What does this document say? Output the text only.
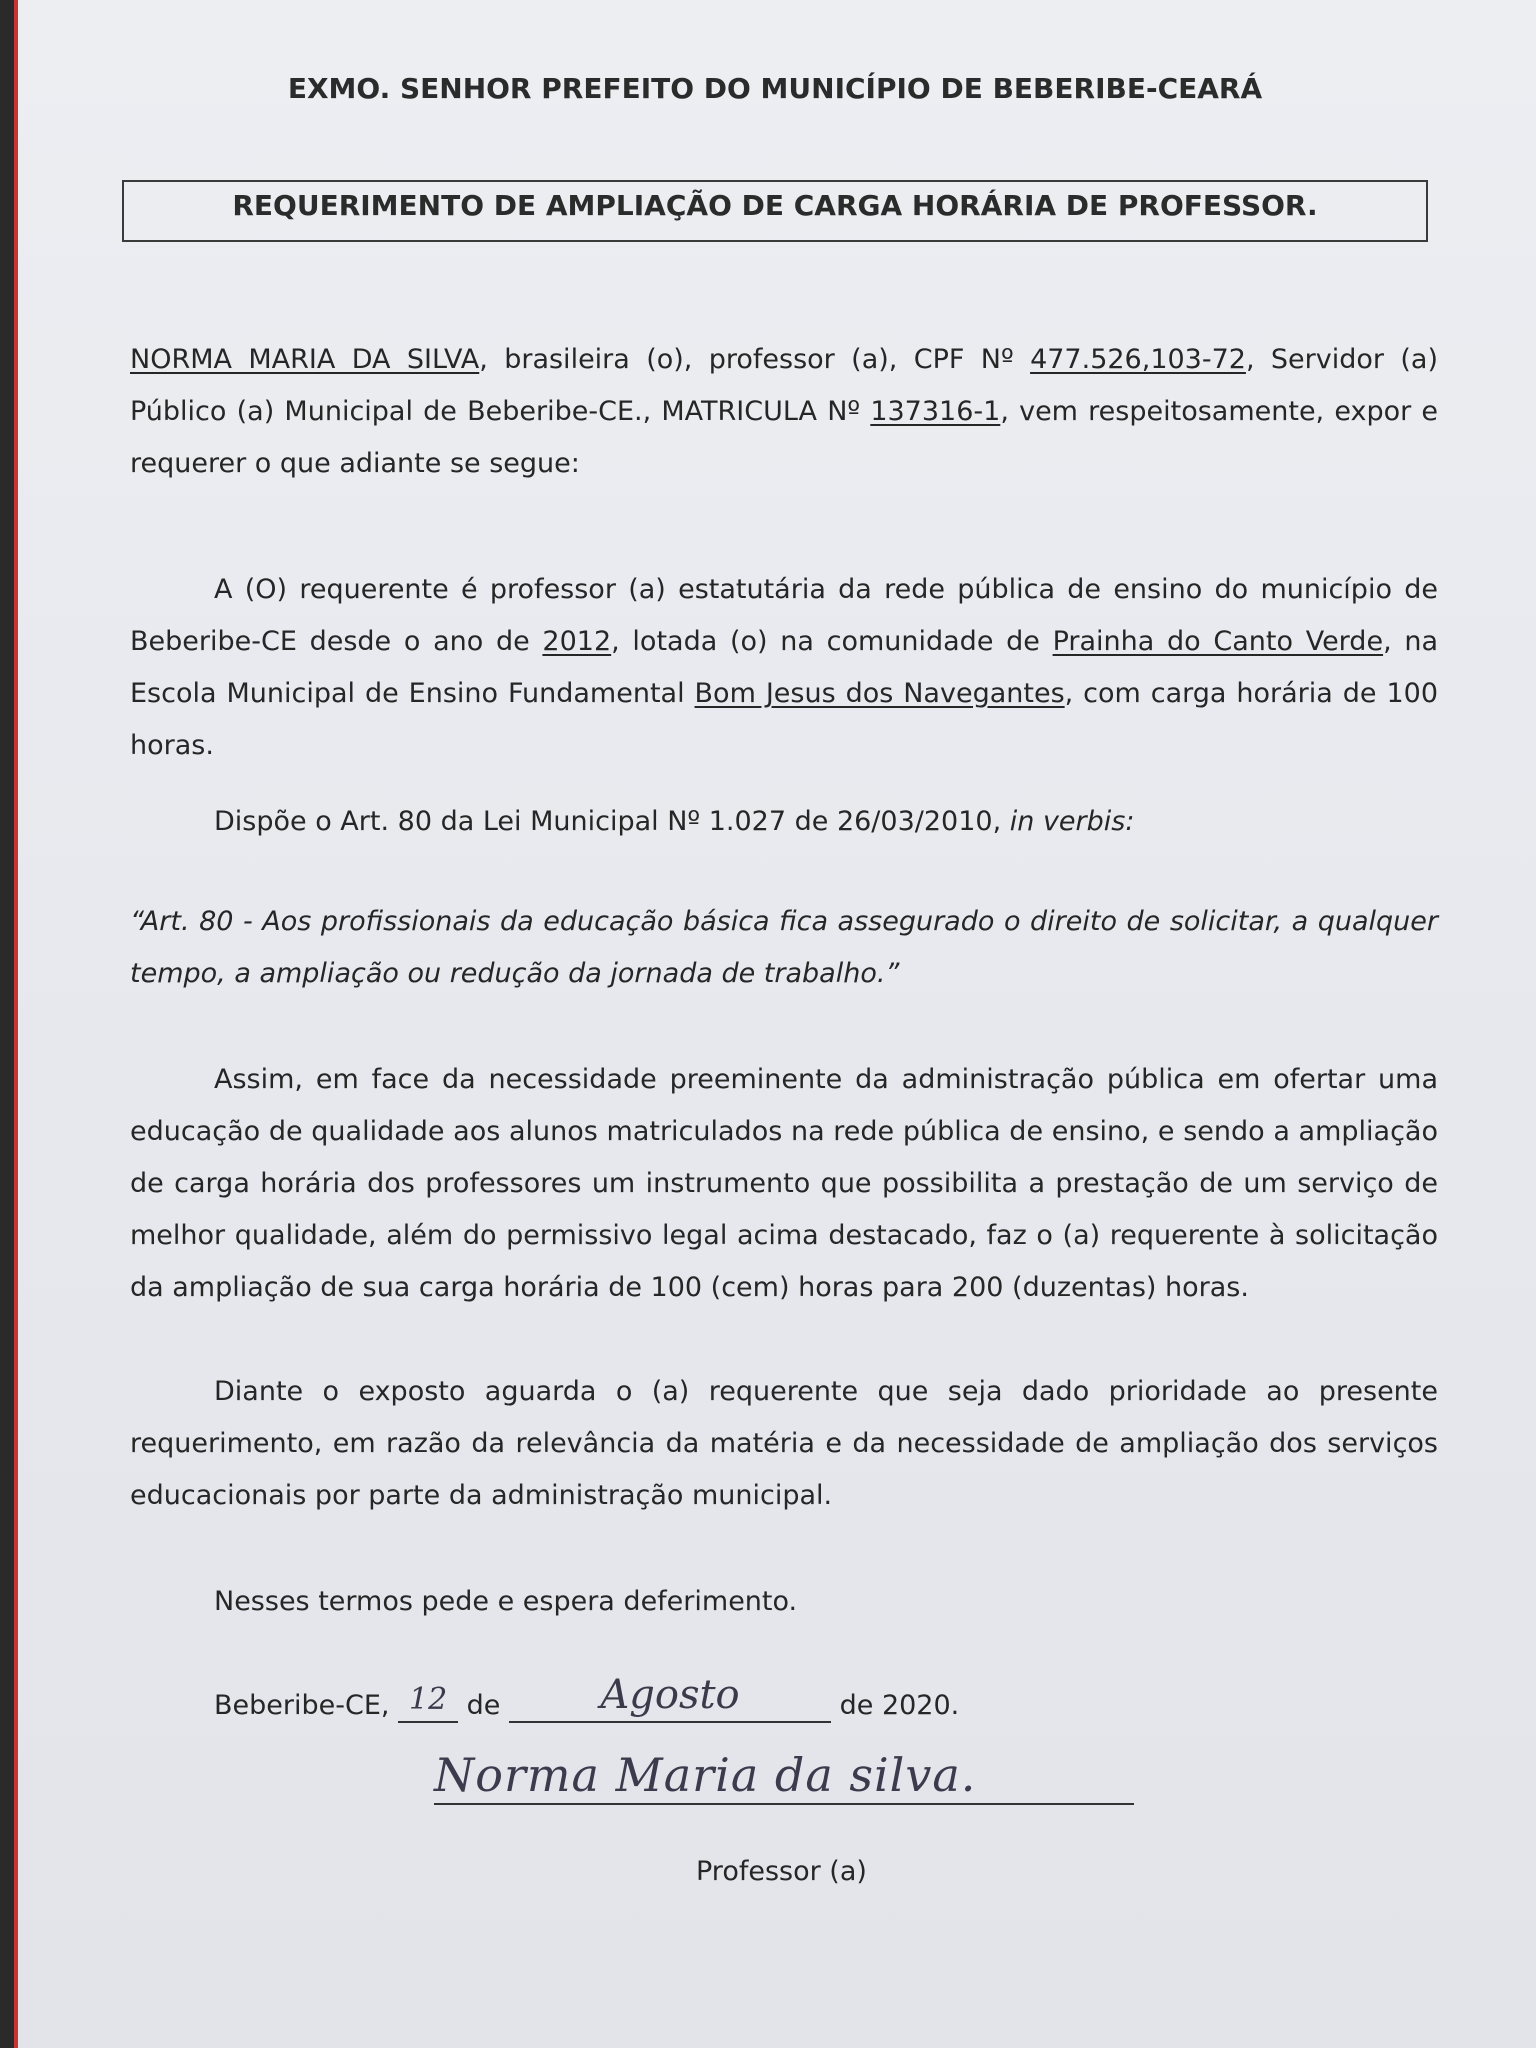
EXMO. SENHOR PREFEITO DO MUNICÍPIO DE BEBERIBE-CEARÁ
REQUERIMENTO DE AMPLIAÇÃO DE CARGA HORÁRIA DE PROFESSOR.
NORMA MARIA DA SILVA, brasileira (o), professor (a), CPF Nº 477.526,103-72, Servidor (a) Público (a) Municipal de Beberibe-CE., MATRICULA Nº 137316-1, vem respeitosamente, expor e requerer o que adiante se segue:
A (O) requerente é professor (a) estatutária da rede pública de ensino do município de Beberibe-CE desde o ano de 2012, lotada (o) na comunidade de Prainha do Canto Verde, na Escola Municipal de Ensino Fundamental Bom Jesus dos Navegantes, com carga horária de 100 horas.
Dispõe o Art. 80 da Lei Municipal Nº 1.027 de 26/03/2010, in verbis:
“Art. 80 - Aos profissionais da educação básica fica assegurado o direito de solicitar, a qualquer tempo, a ampliação ou redução da jornada de trabalho.”
Assim, em face da necessidade preeminente da administração pública em ofertar uma educação de qualidade aos alunos matriculados na rede pública de ensino, e sendo a ampliação de carga horária dos professores um instrumento que possibilita a prestação de um serviço de melhor qualidade, além do permissivo legal acima destacado, faz o (a) requerente à solicitação da ampliação de sua carga horária de 100 (cem) horas para 200 (duzentas) horas.
Diante o exposto aguarda o (a) requerente que seja dado prioridade ao presente requerimento, em razão da relevância da matéria e da necessidade de ampliação dos serviços educacionais por parte da administração municipal.
Nesses termos pede e espera deferimento.
Beberibe-CE, 12 de	Agosto	de 2020.
Norma Maria da silva.
Professor (a)
